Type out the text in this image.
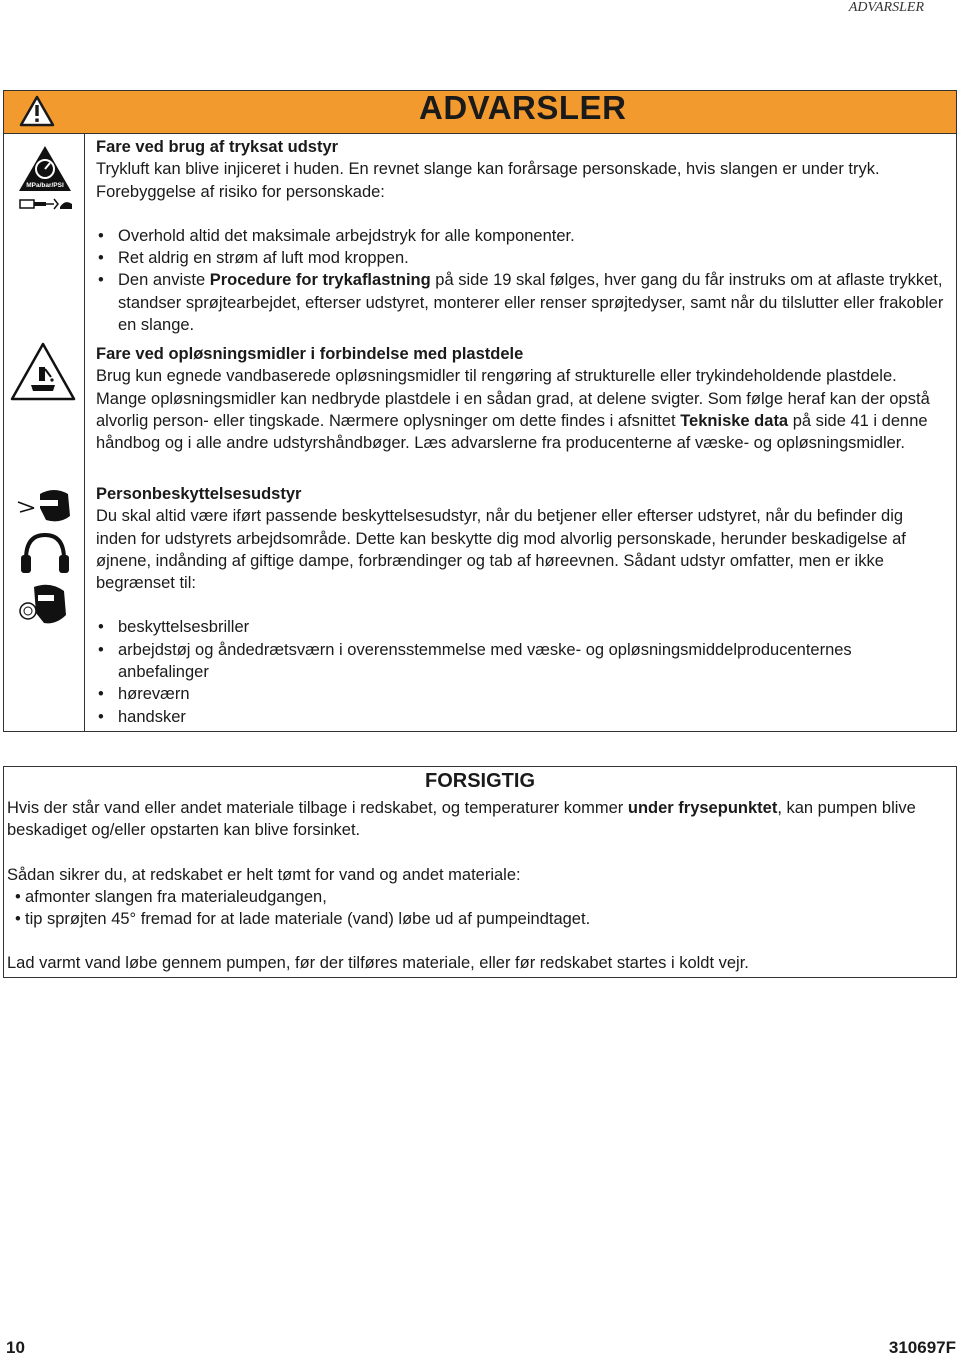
ADVARSLER
ADVARSLER
MPa/bar/PSI
Fare ved brug af tryksat udstyr

Trykluft kan blive injiceret i huden. En revnet slange kan forårsage personskade, hvis slangen er under tryk. Forebyggelse af risiko for personskade:

• Overhold altid det maksimale arbejdstryk for alle komponenter.
• Ret aldrig en strøm af luft mod kroppen.
• Den anviste Procedure for trykaflastning på side 19 skal følges, hver gang du får instruks om at aflaste trykket, standser sprøjtearbejdet, efterser udstyret, monterer eller renser sprøjtedyser, samt når du tilslutter eller frakobler en slange.
Fare ved opløsningsmidler i forbindelse med plastdele

Brug kun egnede vandbaserede opløsningsmidler til rengøring af strukturelle eller trykindeholdende plastdele. Mange opløsningsmidler kan nedbryde plastdele i en sådan grad, at delene svigter. Som følge heraf kan der opstå alvorlig person- eller tingskade. Nærmere oplysninger om dette findes i afsnittet Tekniske data på side 41 i denne håndbog og i alle andre udstyrshåndbøger. Læs advarslerne fra producenterne af væske- og opløsningsmidler.

Personbeskyttelsesudstyr

Du skal altid være iført passende beskyttelsesudstyr, når du betjener eller efterser udstyret, når du befinder dig inden for udstyrets arbejdsområde. Dette kan beskytte dig mod alvorlig personskade, herunder beskadigelse af øjnene, indånding af giftige dampe, forbrændinger og tab af høreevnen. Sådant udstyr omfatter, men er ikke begrænset til:

• beskyttelsesbriller
• arbejdstøj og åndedrætsværn i overensstemmelse med væske- og opløsningsmiddelproducenternes anbefalinger
• høreværn
• handsker
FORSIGTIG

Hvis der står vand eller andet materiale tilbage i redskabet, og temperaturer kommer under frysepunktet, kan pumpen blive beskadiget og/eller opstarten kan blive forsinket.

Sådan sikrer du, at redskabet er helt tømt for vand og andet materiale:

• afmonter slangen fra materialeudgangen,
• tip sprøjten 45° fremad for at lade materiale (vand) løbe ud af pumpeindtaget.

Lad varmt vand løbe gennem pumpen, før der tilføres materiale, eller før redskabet startes i koldt vejr.

10	310697F
